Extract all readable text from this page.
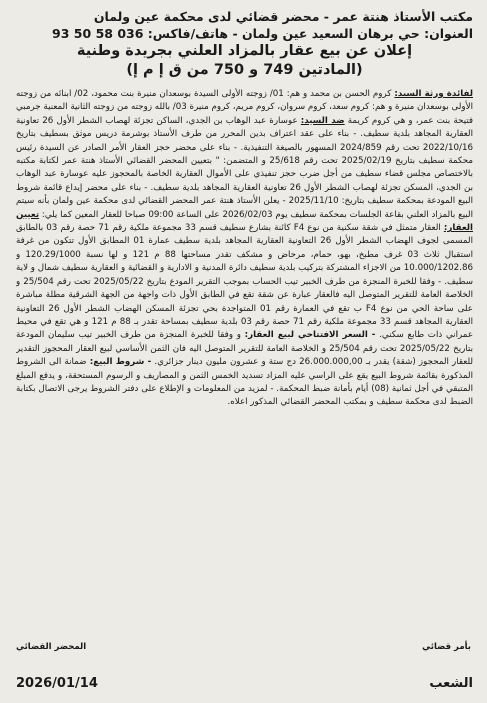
مكتب الأستاذ هنتة عمر - محضر قضائي لدى محكمة عين ولمان
العنوان: حي برهان السعيد عين ولمان - هاتف/فاكس: 036 58 50 93
إعلان عن بيع عقار بالمزاد العلني بجريدة وطنية
(المادتين 749 و 750 من ق إ م إ)
لفائدة ورثة السيد: كروم الحسن بن محمد و هم: 01/ زوجته الأولى السيدة بوسعدان منيرة بنت محمود، 02/ ابنائه من زوجته الأولى بوسعدان منيرة و هم: كروم سعد، كروم سروان، كروم مريم، كروم منيرة 03/ بالله زوجته من زوجته الثانية المعنية جرمبي فتيحة بنت عمر، و هي كروم كريمة ضد السيد: عوسارة عبد الوهاب بن الجدي، الساكن تجزئة لهصاب الشطر الأول 26 تعاونية العقارية المجاهد بلدية سطيف. - بناء على عقد اعتراف بدين المحرر من طرف الأستاذ بوشرمة دريس موثق بسطيف بتاريخ 2022/10/16 تحت رقم 2024/859 المسهور بالصيغة التنفيذية. - بناء على محضر حجز العقار الأمر الصادر عن السيدة رئيس محكمة سطيف بتاريخ 2025/02/19 تحت رقم 25/618 و المتضمن: " بتعيين المحضر القضائي الأستاذ هنتة عمر لكتابة مكتبه بالاختصاص مجلس قضاء سطيف من أجل ضرب حجز تنفيذي على الأموال العقارية الخاصة بالمحجوز عليه عوسارة عبد الوهاب بن الجدي، المسكن تجزئة لهصاب الشطر الأول 26 تعاونية العقارية المجاهد بلدية سطيف. - بناء على محضر إيداع قائمة شروط البيع المودعة بمحكمة سطيف بتاريخ: 2025/11/10 - يعلن الأستاذ هنتة عمر المحضر القضائي لدى محكمة عين ولمان بأنه سيتم البيع بالمزاد العلني بقاعة الجلسات بمحكمة سطيف يوم 2026/02/03 على الساعة 09:00 صباحا للعقار المعين كما يلي: تعيين العقار: العقار متمثل في شقة سكنية من نوع F4 كائنة بشارع سطيف قسم 33 مجموعة ملكية رقم 71 حصة رقم 03 بالطابق المسمى لجوف الهضاب الشطر الأول 26 التعاونية العقارية المجاهد بلدية سطيف عمارة 01 المطابق الأول تتكون من غرفة استقبال ثلاث 03 غرف مطبخ، بهو، حمام، مرحاض و مشكف تقدر مساحتها 88 م 121 و لها نسبة 120.29/1000 و 10.000/1202.86 من الاجزاء المشتركة بتركيب بلدية سطيف دائرة المدنية و الادارية و القضائية و العقارية سطيف شمال و لاية سطيف. - وفقا للخبرة المنجزة من طرف الخبير تيب الحساب بموجب التقرير المودع بتاريخ 2025/05/22 تحت رقم 25/504 و الخلاصة العامة للتقرير المتوصل اليه فالعقار عبارة عن شقة تقع في الطابق الأول ذات واجهة من الجهة الشرقية مطلة مباشرة على ساحة الحي من نوع F4 ب تقع في العمارة رقم 01 المتواجدة بحي تجزئة المسكن الهضاب الشطر الأول 26 التعاونية العقارية المجاهد قسم 33 مجموعة ملكية رقم 71 حصة رقم 03 بلدية سطيف بمساحة تقدر بـ 88 م 121 و هي تقع في محيط عمراني ذات طابع سكني. - السعر الافتتاحي لبيع العقار: و وفقا للخبرة المنجزة من طرف الخبير تيب سليمان المودعة بتاريخ 2025/05/22 تحت رقم 25/504 و الخلاصة العامة للتقرير المتوصل اليه فان الثمن الأساسي لبيع العقار المحجوز التقدير للعقار المحجوز (شقة) يقدر بـ 26.000.000,00 دج ستة و عشرون مليون دينار جزائري. - شروط البيع: ضمانة الى الشروط المذكورة بقائمة شروط البيع يقع على الراسي عليه المزاد تسديد الخمس الثمن و المصاريف و الرسوم المستحقة، و يدفع المبلغ المتبقي في أجل ثمانية (08) أيام بأمانة ضبط المحكمة. - لمزيد من المعلومات و الإطلاع على دفتر الشروط يرجى الاتصال بكتابة الضبط لدى محكمة سطيف و بمكتب المحضر القضائي المذكور اعلاه.
بأمر قضائي
المحضر القضائي
2026/01/14	الشعب
